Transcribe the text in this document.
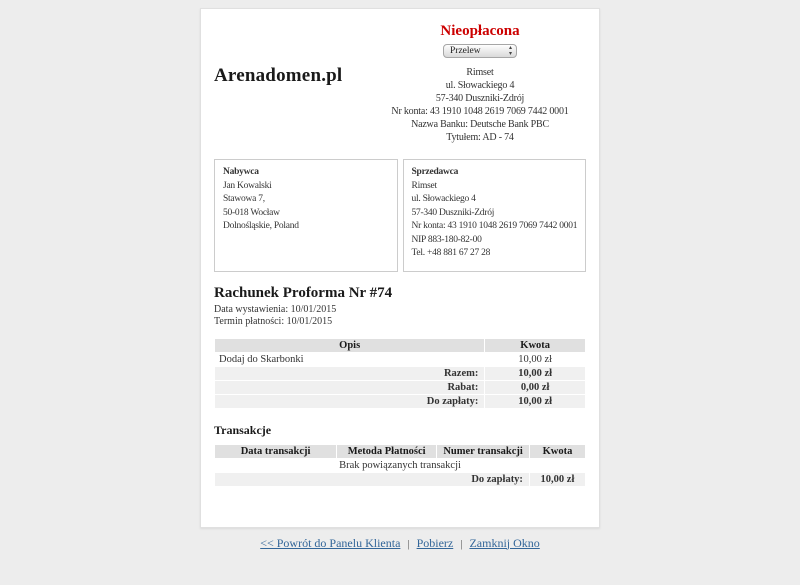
Arenadomen.pl
Nieopłacona
Przelew	▴
▾
Rimset
ul. Słowackiego 4
57-340 Duszniki-Zdrój
Nr konta: 43 1910 1048 2619 7069 7442 0001
Nazwa Banku: Deutsche Bank PBC
Tytułem: AD - 74
Nabywca
Jan Kowalski
Stawowa 7,
50-018 Wocław
Dolnośląskie, Poland
Sprzedawca
Rimset
ul. Słowackiego 4
57-340 Duszniki-Zdrój
Nr konta: 43 1910 1048 2619 7069 7442 0001
NIP 883-180-82-00
Tel. +48 881 67 27 28
Rachunek Proforma Nr #74
Data wystawienia: 10/01/2015
Termin płatności: 10/01/2015
Opis	Kwota
Dodaj do Skarbonki	10,00 zł
Razem:	10,00 zł
Rabat:	0,00 zł
Do zapłaty:	10,00 zł
Transakcje
Data transakcji	Metoda Płatności	Numer transakcji	Kwota
Brak powiązanych transakcji			
Do zapłaty:			10,00 zł
<< Powrót do Panelu Klienta | Pobierz | Zamknij Okno
